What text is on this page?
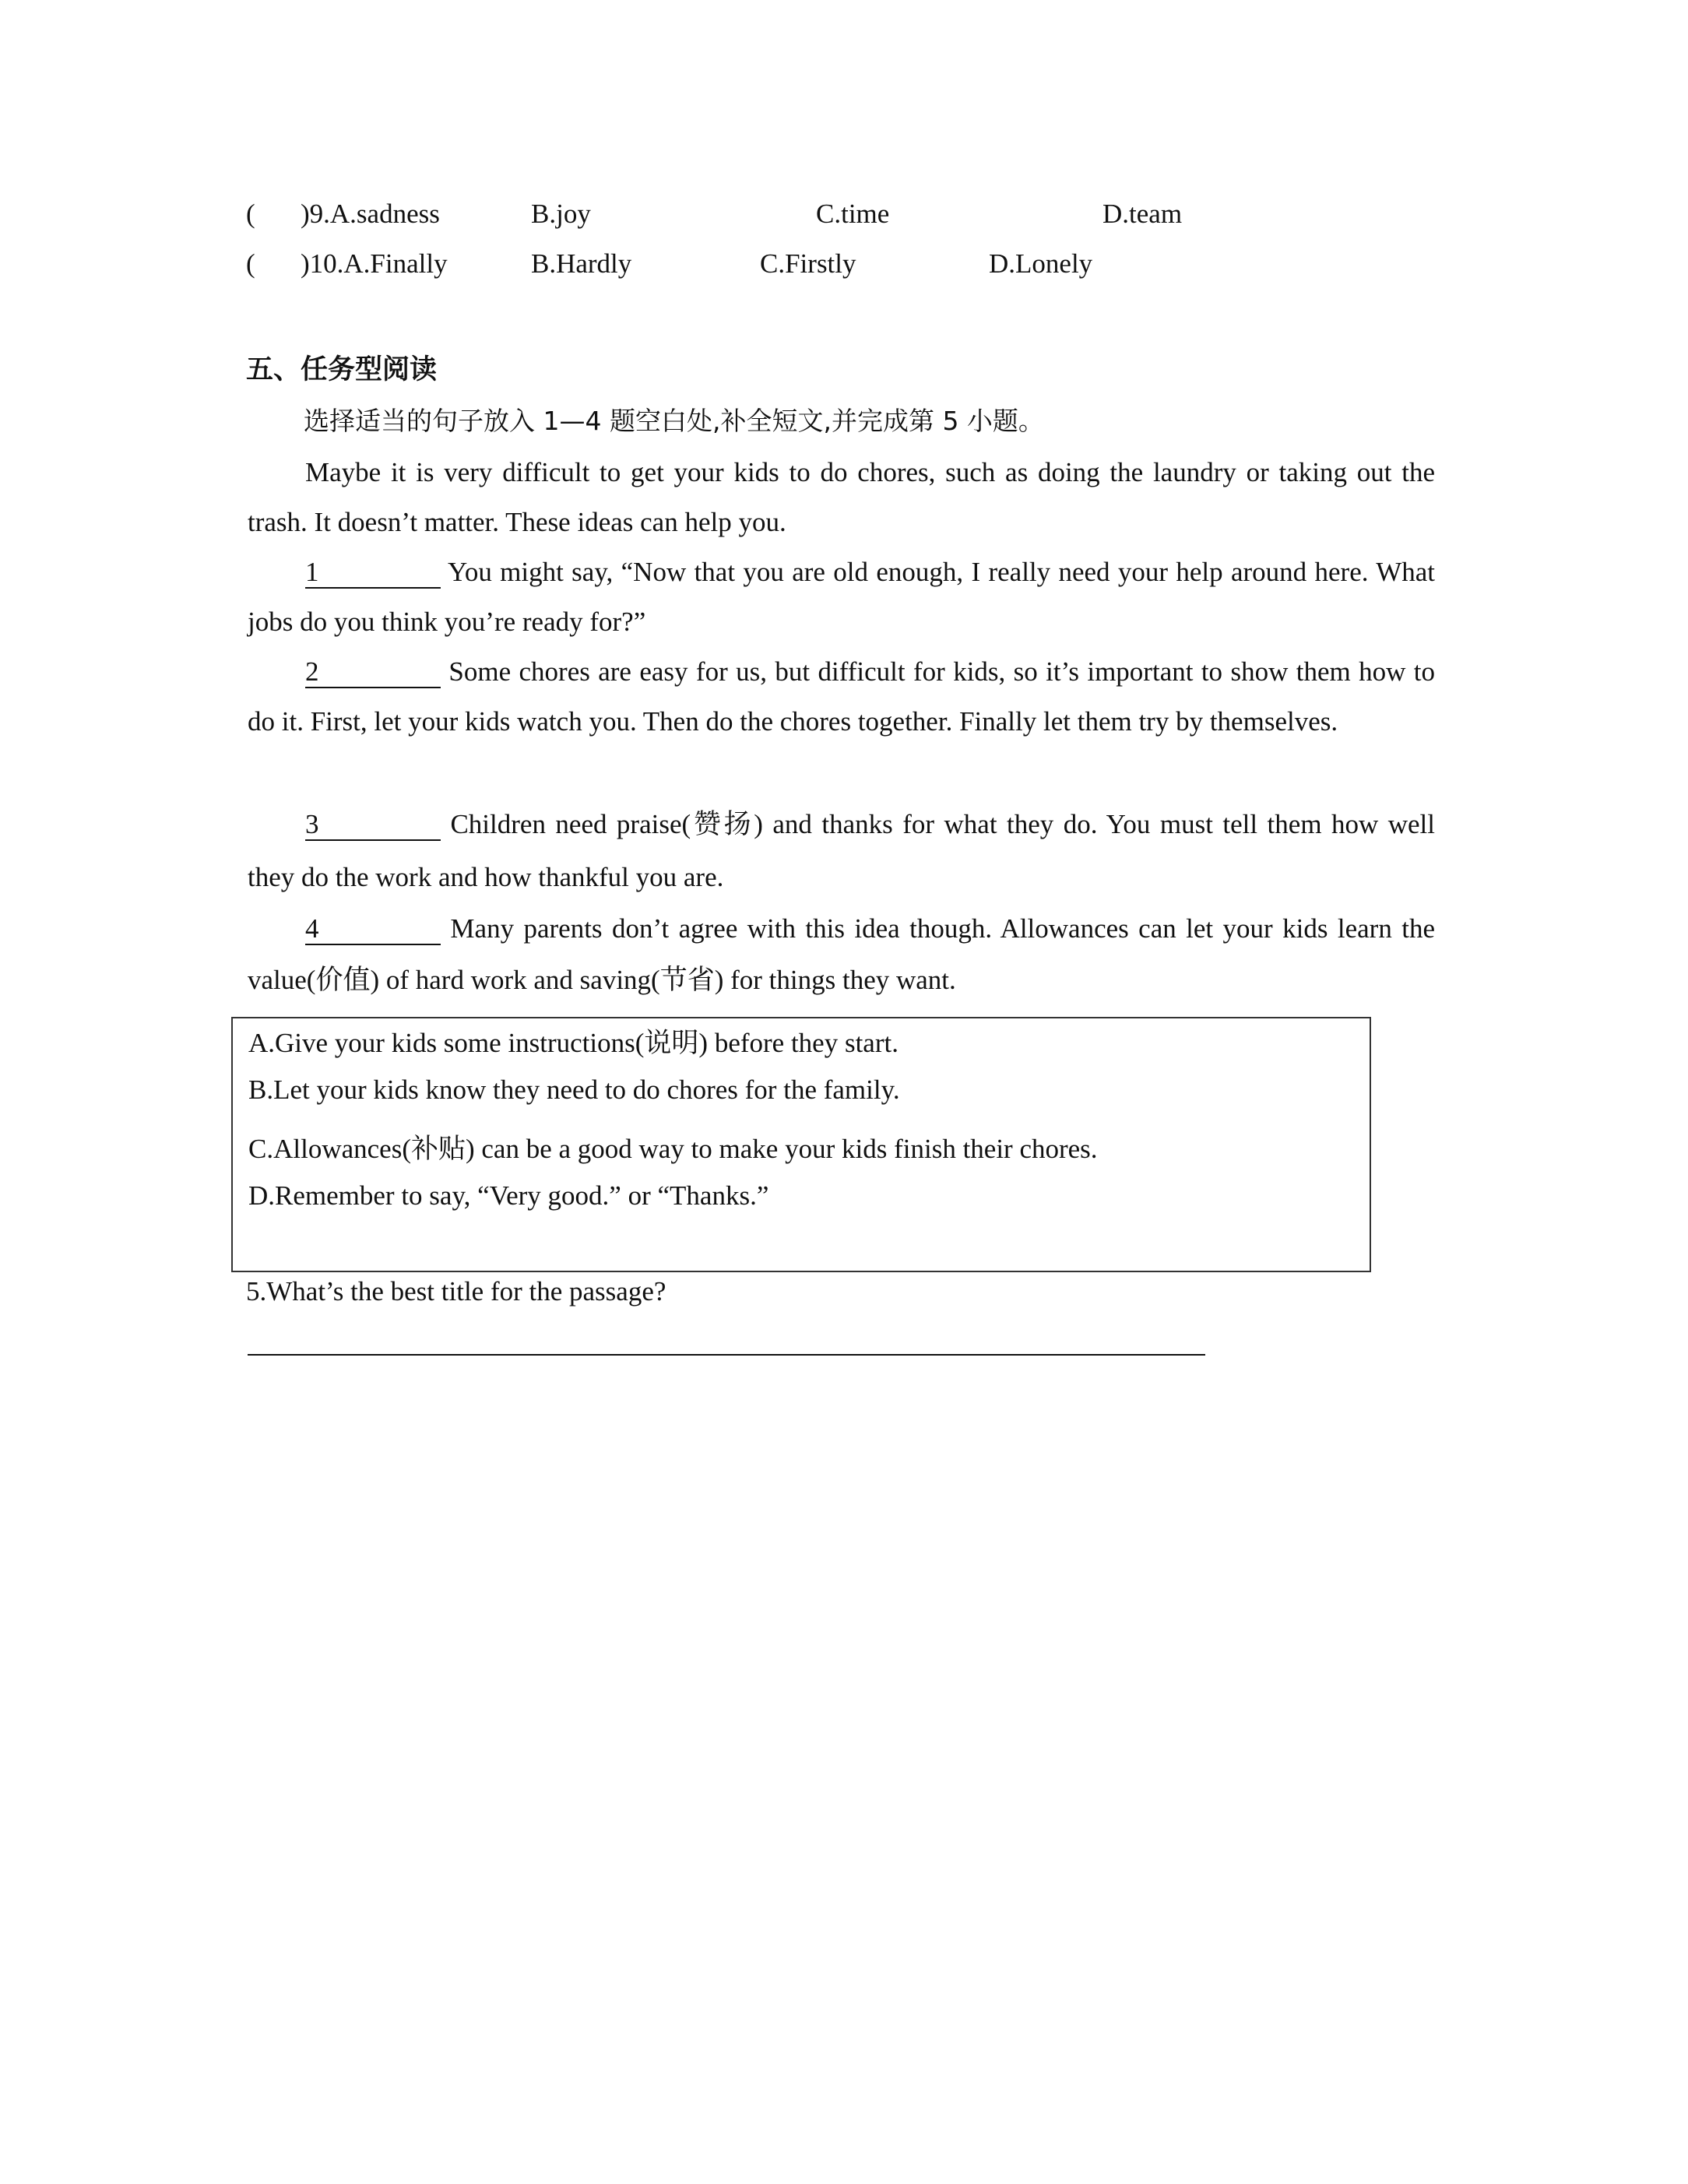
( )9.A.sadness	B.joy	C.time	D.team
( )10.A.Finally	B.Hardly	C.Firstly	D.Lonely
五、任务型阅读
选择适当的句子放入 1—4 题空白处,补全短文,并完成第 5 小题。
Maybe it is very difficult to get your kids to do chores, such as doing the laundry or taking out the trash. It doesn’t matter. These ideas can help you.
1	You might say, “Now that you are old enough, I really need your help around here. What jobs do you think you’re ready for?”
2	Some chores are easy for us, but difficult for kids, so it’s important to show them how to do it. First, let your kids watch you. Then do the chores together. Finally let them try by themselves.
3	Children need praise(赞扬) and thanks for what they do. You must tell them how well they do the work and how thankful you are.
4	Many parents don’t agree with this idea though. Allowances can let your kids learn the value(价值) of hard work and saving(节省) for things they want.
A.Give your kids some instructions(说明) before they start.
B.Let your kids know they need to do chores for the family.
C.Allowances(补贴) can be a good way to make your kids finish their chores.
D.Remember to say, “Very good.” or “Thanks.”
5.What’s the best title for the passage?
